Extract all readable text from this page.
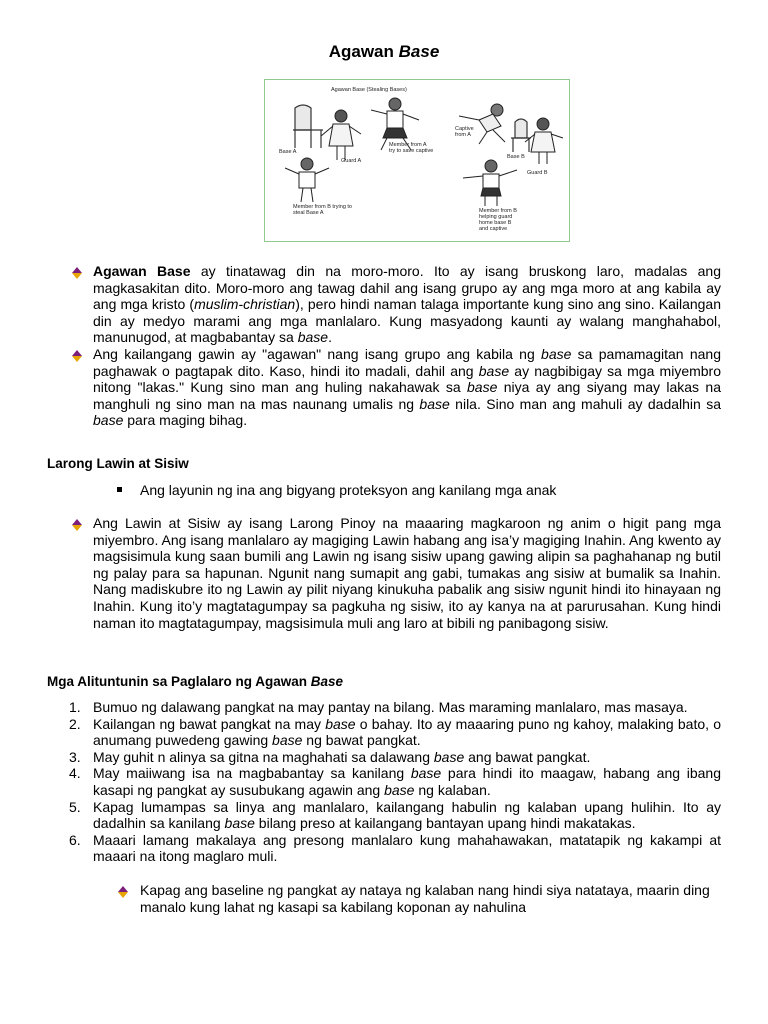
Agawan Base
Agawan Base (Stealing Bases)
Base A
Guard A
Member from A
try to save captive
Captive
from A
Base B
Guard B
Member from B trying to
steal Base A	Member from B
helping guard
home base B
and captive
Agawan Base ay tinatawag din na moro-moro. Ito ay isang bruskong laro, madalas ang magkasakitan dito. Moro-moro ang tawag dahil ang isang grupo ay ang mga moro at ang kabila ay ang mga kristo (muslim-christian), pero hindi naman talaga importante kung sino ang sino. Kailangan din ay medyo marami ang mga manlalaro. Kung masyadong kaunti ay walang manghahabol, manunugod, at magbabantay sa base.
Ang kailangang gawin ay "agawan" nang isang grupo ang kabila ng base sa pamamagitan nang paghawak o pagtapak dito. Kaso, hindi ito madali, dahil ang base ay nagbibigay sa mga miyembro nitong "lakas." Kung sino man ang huling nakahawak sa base niya ay ang siyang may lakas na manghuli ng sino man na mas naunang umalis ng base nila. Sino man ang mahuli ay dadalhin sa base para maging bihag.
Larong Lawin at Sisiw
Ang layunin ng ina ang bigyang proteksyon ang kanilang mga anak
Ang Lawin at Sisiw ay isang Larong Pinoy na maaaring magkaroon ng anim o higit pang mga miyembro. Ang isang manlalaro ay magiging Lawin habang ang isa’y magiging Inahin. Ang kwento ay magsisimula kung saan bumili ang Lawin ng isang sisiw upang gawing alipin sa paghahanap ng butil ng palay para sa hapunan. Ngunit nang sumapit ang gabi, tumakas ang sisiw at bumalik sa Inahin. Nang madiskubre ito ng Lawin ay pilit niyang kinukuha pabalik ang sisiw ngunit hindi ito hinayaan ng Inahin. Kung ito’y magtatagumpay sa pagkuha ng sisiw, ito ay kanya na at parurusahan. Kung hindi naman ito magtatagumpay, magsisimula muli ang laro at bibili ng panibagong sisiw.
Mga Alituntunin sa Paglalaro ng Agawan Base
1. Bumuo ng dalawang pangkat na may pantay na bilang. Mas maraming manlalaro, mas masaya.
2. Kailangan ng bawat pangkat na may base o bahay. Ito ay maaaring puno ng kahoy, malaking bato, o anumang puwedeng gawing base ng bawat pangkat.
3. May guhit n alinya sa gitna na maghahati sa dalawang base ang bawat pangkat.
4. May maiiwang isa na magbabantay sa kanilang base para hindi ito maagaw, habang ang ibang kasapi ng pangkat ay susubukang agawin ang base ng kalaban.
5. Kapag lumampas sa linya ang manlalaro, kailangang habulin ng kalaban upang hulihin. Ito ay dadalhin sa kanilang base bilang preso at kailangang bantayan upang hindi makatakas.
6. Maaari lamang makalaya ang presong manlalaro kung mahahawakan, matatapik ng kakampi at maaari na itong maglaro muli.
Kapag ang baseline ng pangkat ay nataya ng kalaban nang hindi siya natataya, maarin ding manalo kung lahat ng kasapi sa kabilang koponan ay nahulina
